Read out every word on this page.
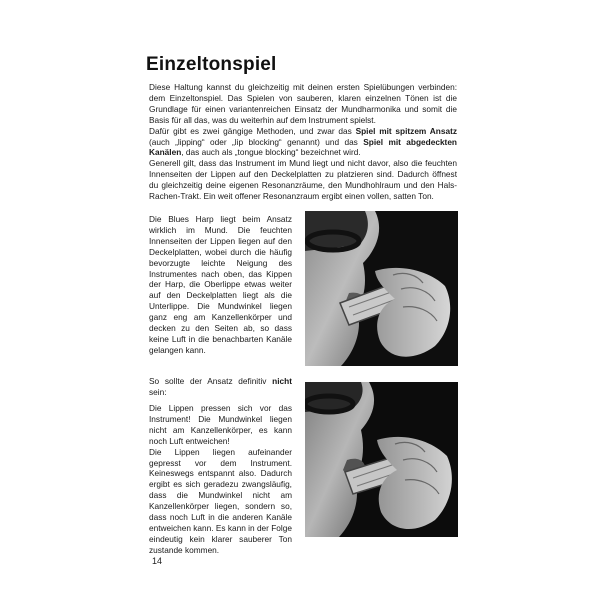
Einzeltonspiel

Diese Haltung kannst du gleichzeitig mit deinen ersten Spielübungen verbinden: dem Einzeltonspiel. Das Spielen von sauberen, klaren einzelnen Tönen ist die Grundlage für einen variantenreichen Einsatz der Mundharmonika und somit die Basis für all das, was du weiterhin auf dem Instrument spielst.

Dafür gibt es zwei gängige Methoden, und zwar das Spiel mit spitzem Ansatz (auch „lipping“ oder „lip blocking“ genannt) und das Spiel mit abgedeckten Kanälen, das auch als „tongue blocking“ bezeichnet wird.

Generell gilt, dass das Instrument im Mund liegt und nicht davor, also die feuchten Innenseiten der Lippen auf den Deckelplatten zu platzieren sind. Dadurch öffnest du gleichzeitig deine eigenen Resonanzräume, den Mundhohlraum und den Hals-Rachen-Trakt. Ein weit offener Resonanzraum ergibt einen vollen, satten Ton.

Die Blues Harp liegt beim Ansatz wirklich im Mund. Die feuchten Innenseiten der Lippen liegen auf den Deckelplatten, wobei durch die häufig bevorzugte leichte Neigung des Instrumentes nach oben, das Kippen der Harp, die Oberlippe etwas weiter auf den Deckelplatten liegt als die Unterlippe. Die Mundwinkel liegen ganz eng am Kanzellenkörper und decken zu den Seiten ab, so dass keine Luft in die benachbarten Kanäle gelangen kann.

So sollte der Ansatz definitiv nicht sein:

Die Lippen pressen sich vor das Instrument! Die Mundwinkel liegen nicht am Kanzellenkörper, es kann noch Luft entweichen!

Die Lippen liegen aufeinander gepresst vor dem Instrument. Keineswegs entspannt also. Dadurch ergibt es sich geradezu zwangsläufig, dass die Mundwinkel nicht am Kanzellenkörper liegen, sondern so, dass noch Luft in die anderen Kanäle entweichen kann. Es kann in der Folge eindeutig kein klarer sauberer Ton zustande kommen.

14
